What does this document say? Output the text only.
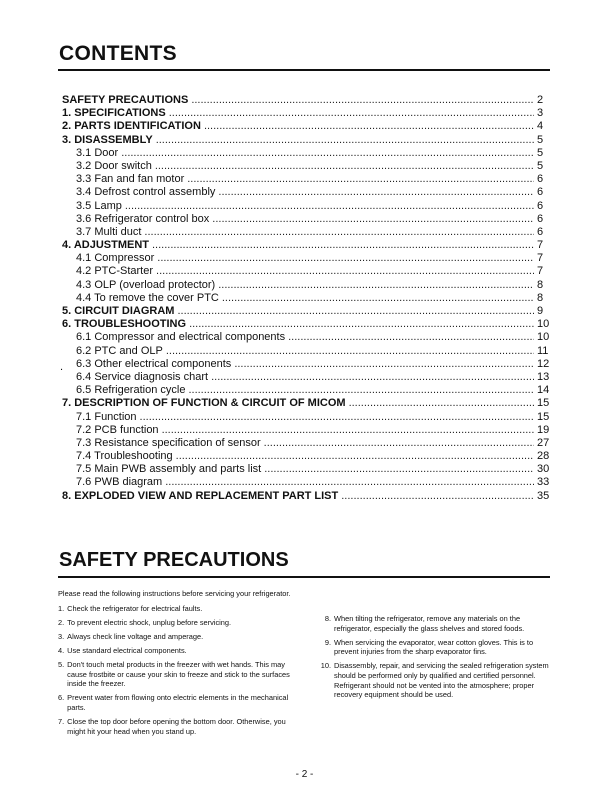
CONTENTS
SAFETY PRECAUTIONS .....	2
1. SPECIFICATIONS .....	3
2. PARTS IDENTIFICATION .....	4
3. DISASSEMBLY .....	5
3.1 Door .....	5
3.2 Door switch .....	5
3.3 Fan and fan motor .....	6
3.4 Defrost control assembly .....	6
3.5 Lamp .....	6
3.6 Refrigerator control box .....	6
3.7 Multi duct .....	6
4. ADJUSTMENT .....	7
4.1 Compressor .....	7
4.2 PTC-Starter .....	7
4.3 OLP (overload protector) .....	8
4.4 To remove the cover PTC .....	8
5. CIRCUIT DIAGRAM .....	9
6. TROUBLESHOOTING .....	10
6.1 Compressor and electrical components .....	10
6.2 PTC and OLP .....	11
6.3 Other electrical components .....	12
6.4 Service diagnosis chart .....	13
6.5 Refrigeration cycle .....	14
7. DESCRIPTION OF FUNCTION & CIRCUIT OF MICOM .....	15
7.1 Function .....	15
7.2 PCB function .....	19
7.3 Resistance specification of sensor .....	27
7.4 Troubleshooting .....	28
7.5 Main PWB assembly and parts list .....	30
7.6 PWB diagram .....	33
8. EXPLODED VIEW AND REPLACEMENT PART LIST .....	35
.
SAFETY PRECAUTIONS

Please read the following instructions before servicing your refrigerator.

1. Check the refrigerator for electrical faults.
2. To prevent electric shock, unplug before servicing.
3. Always check line voltage and amperage.
4. Use standard electrical components.
5. Don't touch metal products in the freezer with wet hands. This may cause frostbite or cause your skin to freeze and stick to the surfaces inside the freezer.
6. Prevent water from flowing onto electric elements in the mechanical parts.
7. Close the top door before opening the bottom door. Otherwise, you might hit your head when you stand up.
8. When tilting the refrigerator, remove any materials on the refrigerator, especially the glass shelves and stored foods.
9. When servicing the evaporator, wear cotton gloves. This is to prevent injuries from the sharp evaporator fins.
10. Disassembly, repair, and servicing the sealed refrigeration system should be performed only by qualified and certified personnel. Refrigerant should not be vented into the atmosphere; proper recovery equipment should be used.
- 2 -
